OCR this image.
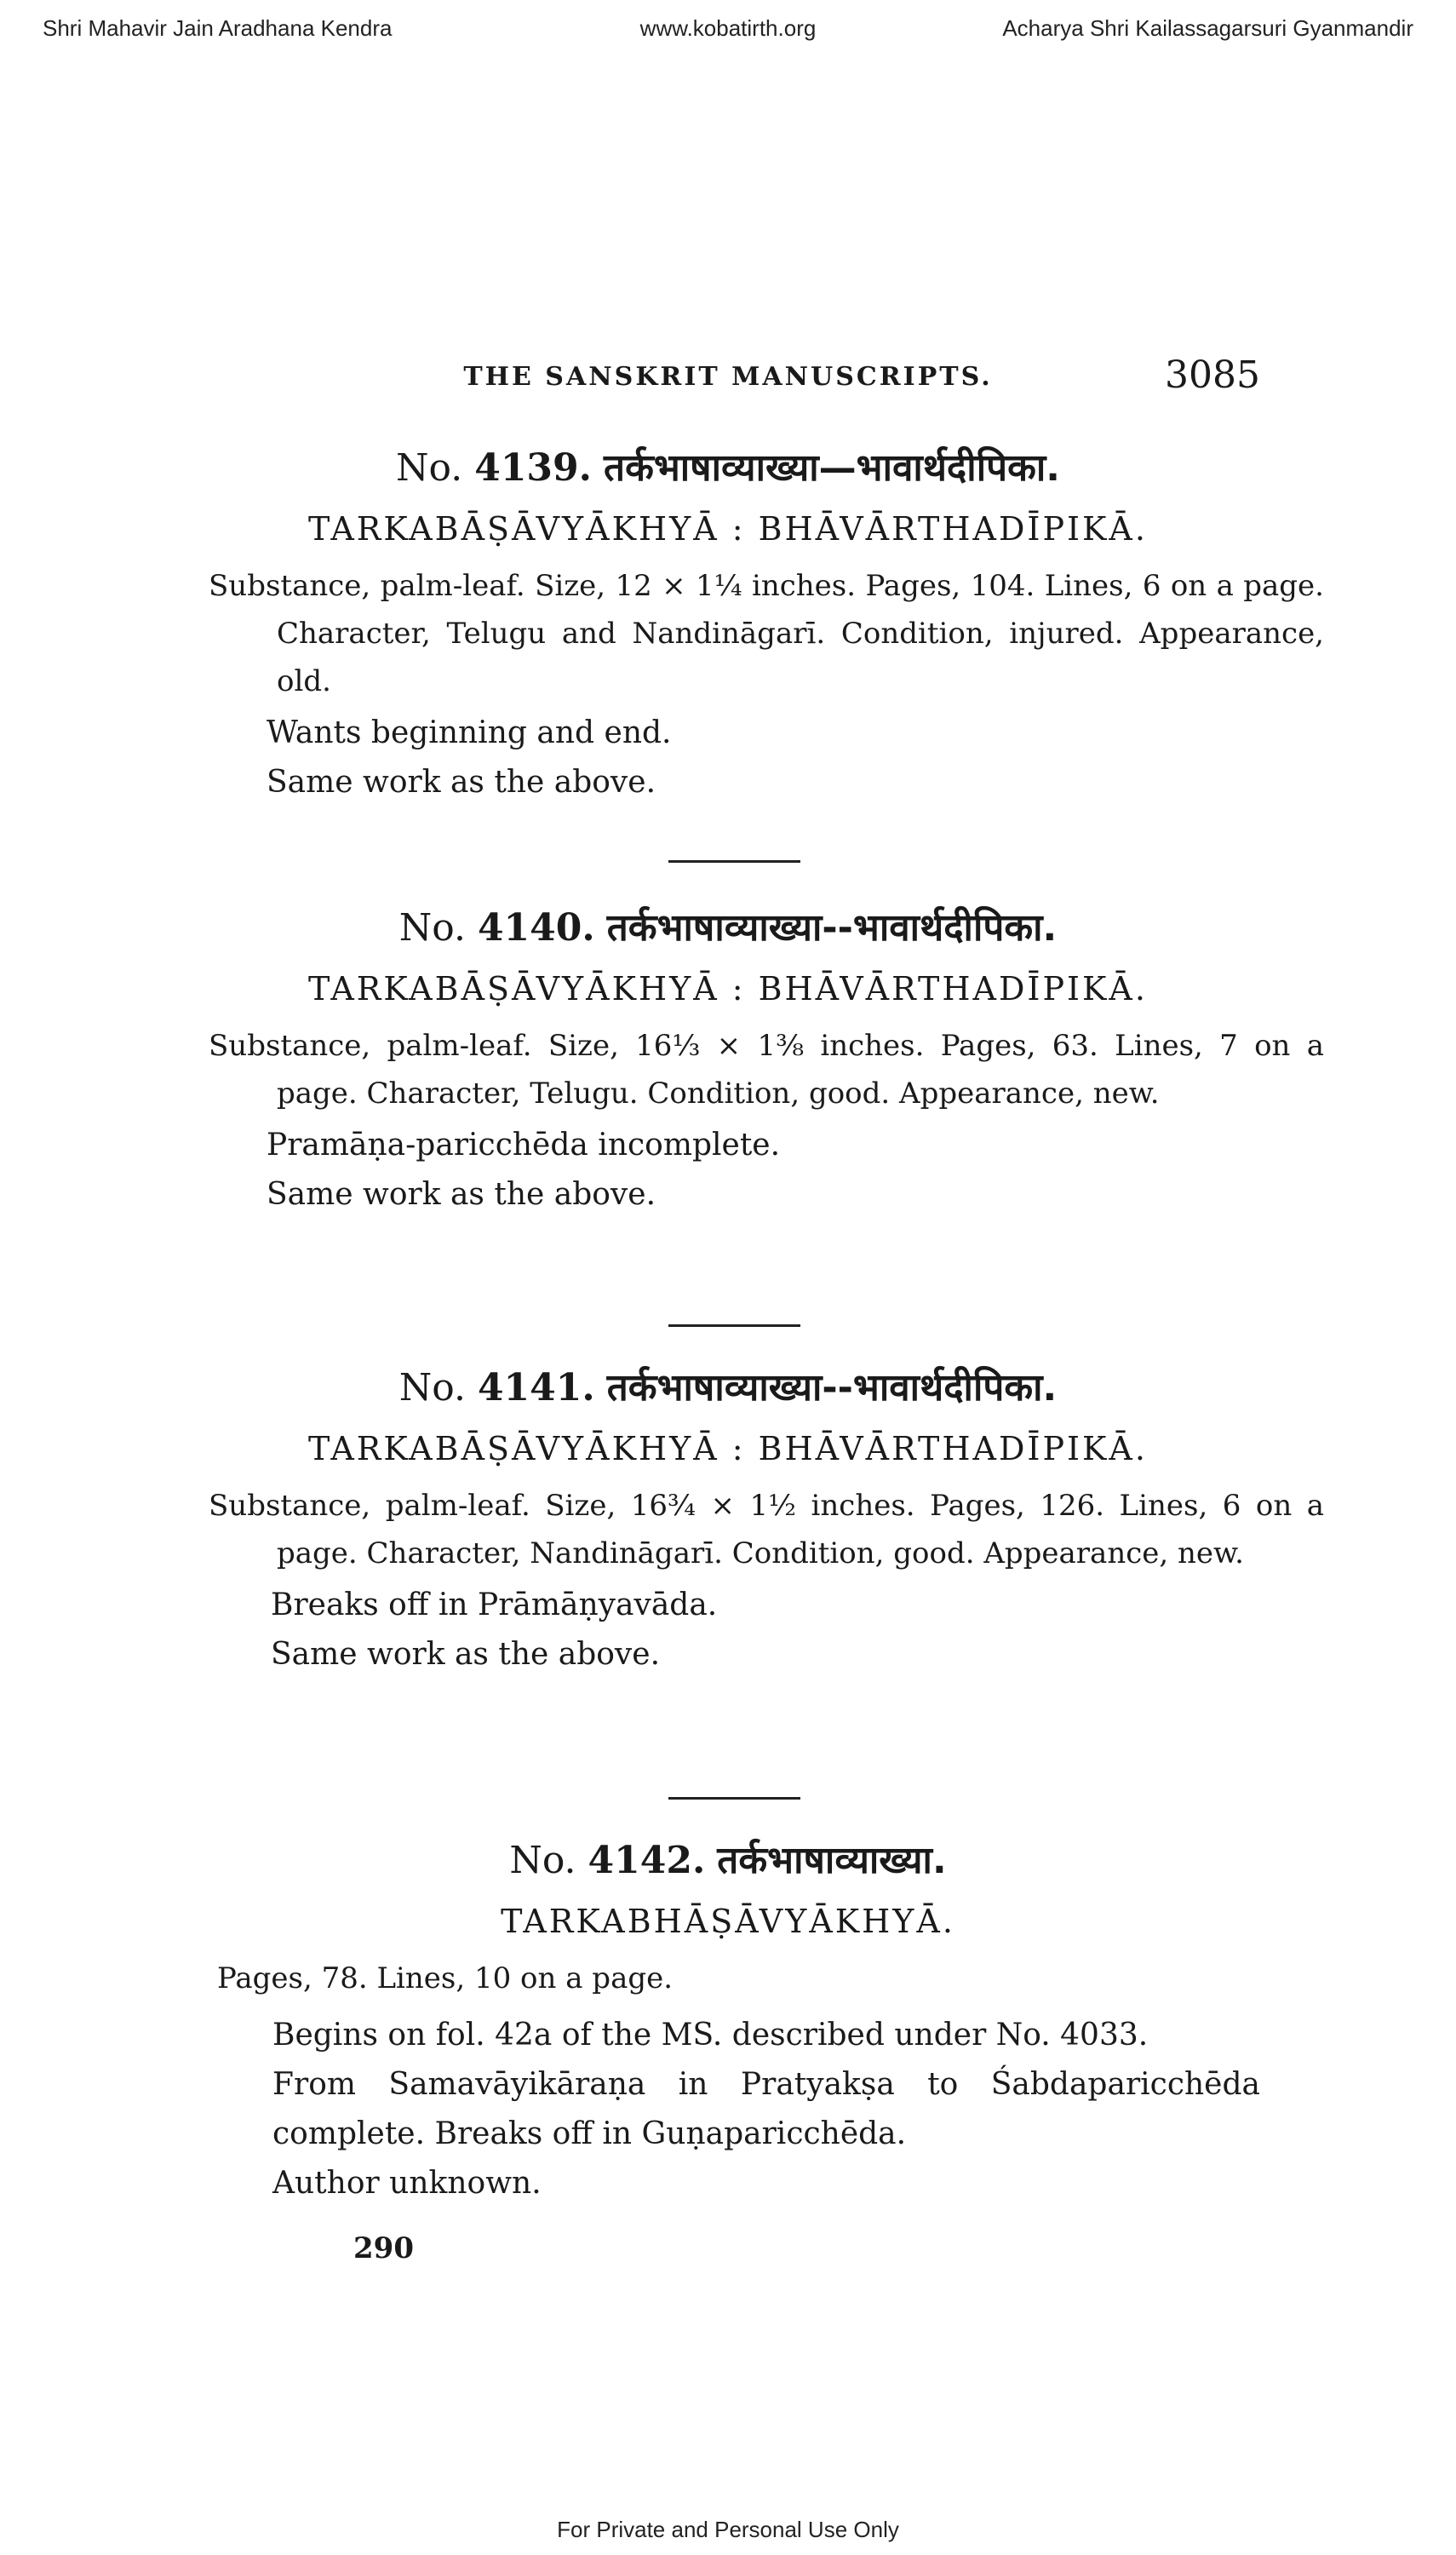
Shri Mahavir Jain Aradhana Kendra	www.kobatirth.org	Acharya Shri Kailassagarsuri Gyanmandir
THE SANSKRIT MANUSCRIPTS.	3085
No. 4139. तर्कभाषाव्याख्या—भावार्थदीपिका.
TARKABĀṢĀVYĀKHYĀ : BHĀVĀRTHADĪPIKĀ.
Substance, palm-leaf. Size, 12 × 1¼ inches. Pages, 104. Lines, 6 on a page. Character, Telugu and Nandināgarī. Condition, injured. Appearance, old.
Wants beginning and end.
Same work as the above.
No. 4140. तर्कभाषाव्याख्या--भावार्थदीपिका.
TARKABĀṢĀVYĀKHYĀ : BHĀVĀRTHADĪPIKĀ.
Substance, palm-leaf. Size, 16⅓ × 1⅜ inches. Pages, 63. Lines, 7 on a page. Character, Telugu. Condition, good. Appearance, new.
Pramāṇa-paricchēda incomplete.
Same work as the above.
No. 4141. तर्कभाषाव्याख्या--भावार्थदीपिका.
TARKABĀṢĀVYĀKHYĀ : BHĀVĀRTHADĪPIKĀ.
Substance, palm-leaf. Size, 16¾ × 1½ inches. Pages, 126. Lines, 6 on a page. Character, Nandināgarī. Condition, good. Appearance, new.
Breaks off in Prāmāṇyavāda.
Same work as the above.
No. 4142. तर्कभाषाव्याख्या.
TARKABHĀṢĀVYĀKHYĀ.
Pages, 78. Lines, 10 on a page.
Begins on fol. 42a of the MS. described under No. 4033.
From Samavāyikāraṇa in Pratyakṣa to Śabdaparicchēda complete. Breaks off in Guṇaparicchēda.
Author unknown.
290
For Private and Personal Use Only
